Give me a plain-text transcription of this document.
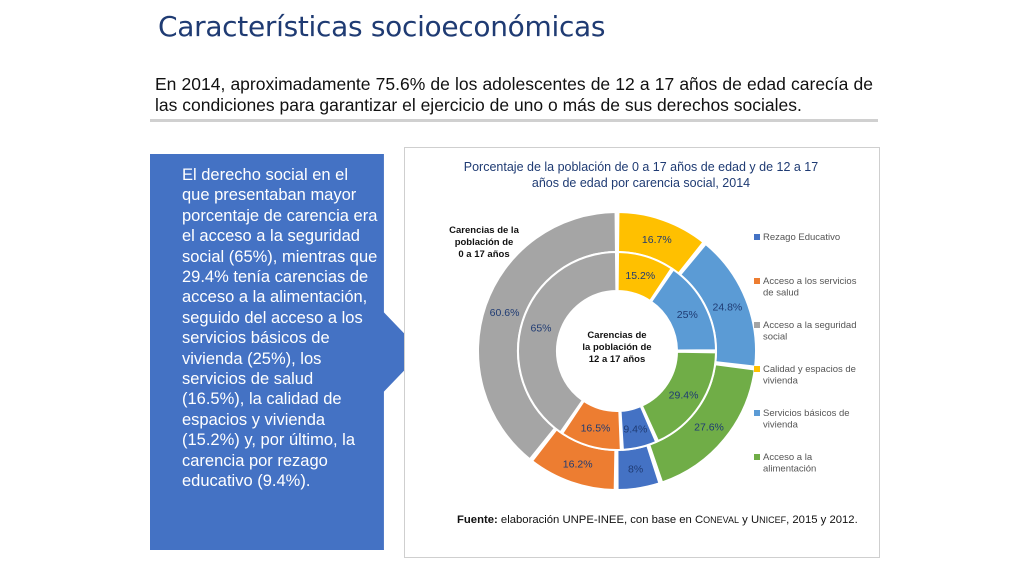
Características socioeconómicas
En 2014, aproximadamente 75.6% de los adolescentes de 12 a 17 años de edad carecía de las condiciones para garantizar el ejercicio de uno o más de sus derechos sociales.
El derecho social en el que presentaban mayor porcentaje de carencia era el acceso a la seguridad social (65%), mientras que 29.4% tenía carencias de acceso a la alimentación, seguido del acceso a los servicios básicos de vivienda (25%), los servicios de salud (16.5%), la calidad de espacios y vivienda (15.2%) y, por último, la carencia por rezago educativo (9.4%).
Porcentaje de la población de 0 a 17 años de edad y de 12 a 17
años de edad por carencia social, 2014
16.7%
24.8%
27.6%
8%
16.2%
60.6%
15.2%
25%
29.4%
9.4%
16.5%
65%
Carencias de la
población de
0 a 17 años
Carencias de
la población de
12 a 17 años
Rezago Educativo
Acceso a los servicios
de salud
Acceso a la seguridad
social
Calidad y espacios de
vivienda
Servicios básicos de
vivienda
Acceso a la
alimentación
Fuente: elaboración UNPE-INEE, con base en CONEVAL y UNICEF, 2015 y 2012.
